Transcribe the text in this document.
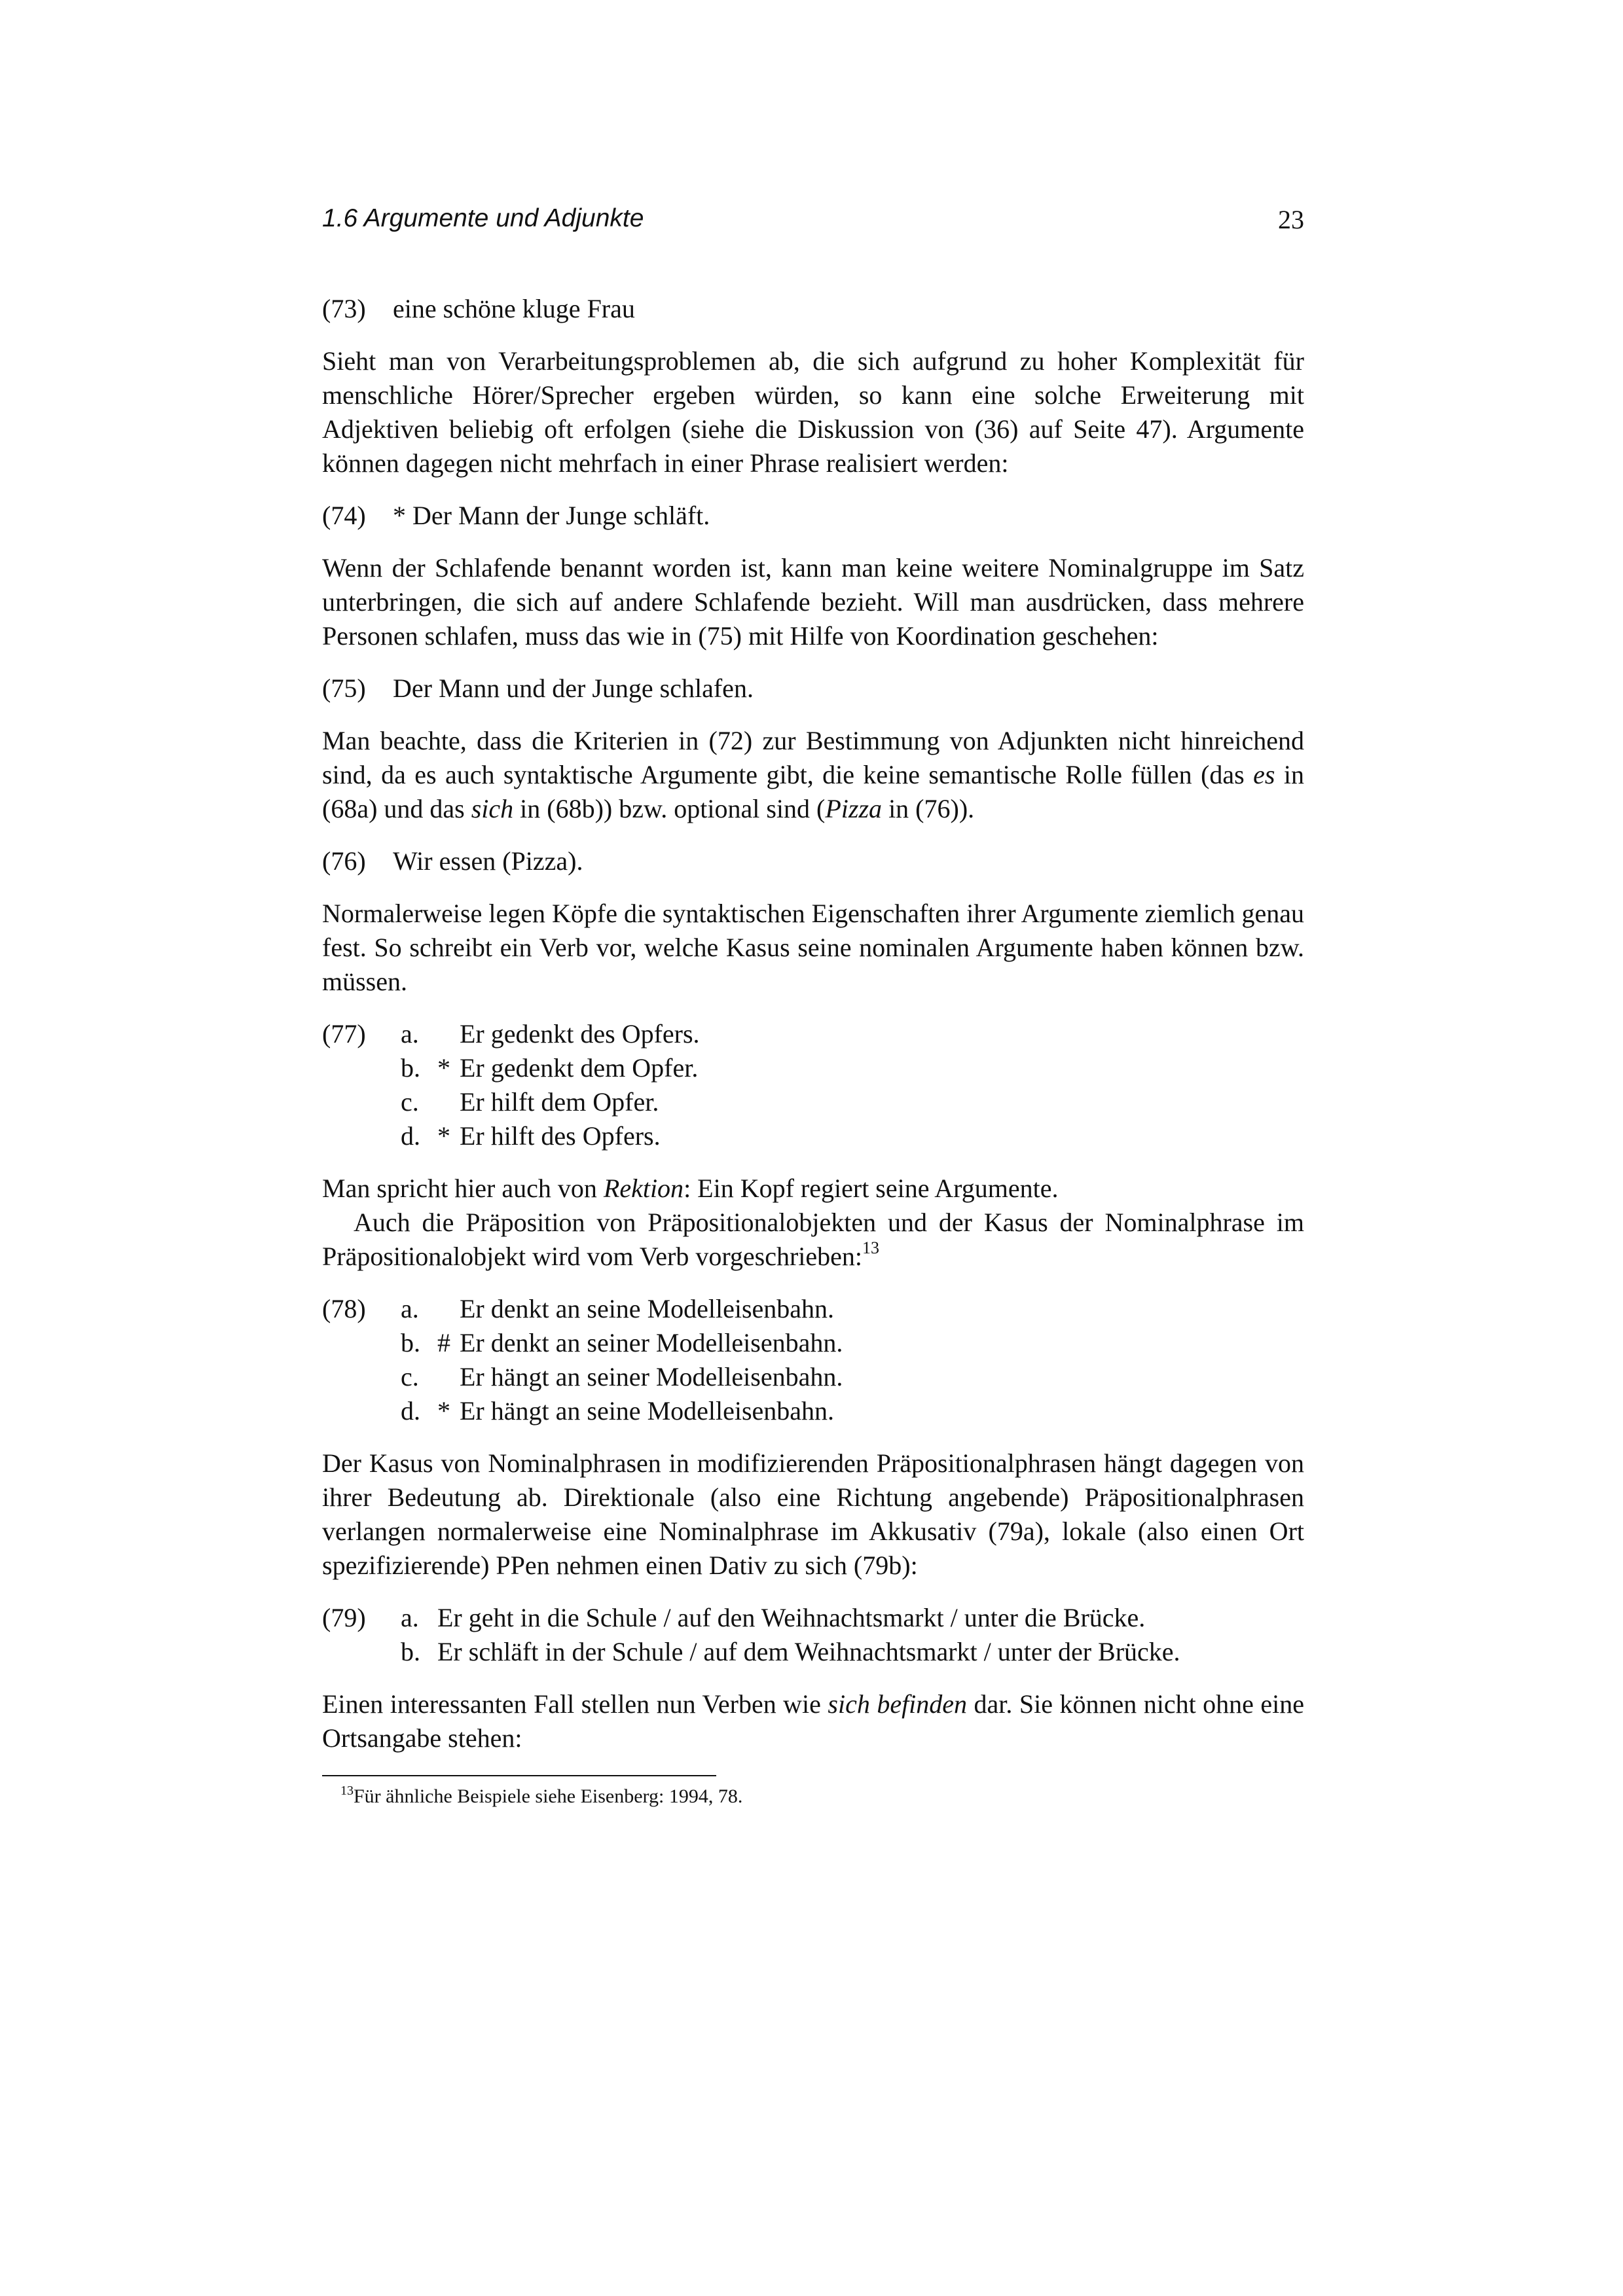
1.6 Argumente und Adjunkte	23
(73)	eine schöne kluge Frau

Sieht man von Verarbeitungsproblemen ab, die sich aufgrund zu hoher Komplexität für menschliche Hörer/Sprecher ergeben würden, so kann eine solche Erweiterung mit Adjektiven beliebig oft erfolgen (siehe die Diskussion von (36) auf Seite 47). Argumente können dagegen nicht mehrfach in einer Phrase realisiert werden:

(74)	* Der Mann der Junge schläft.

Wenn der Schlafende benannt worden ist, kann man keine weitere Nominalgruppe im Satz unterbringen, die sich auf andere Schlafende bezieht. Will man ausdrücken, dass mehrere Personen schlafen, muss das wie in (75) mit Hilfe von Koordination geschehen:

(75)	Der Mann und der Junge schlafen.

Man beachte, dass die Kriterien in (72) zur Bestimmung von Adjunkten nicht hinreichend sind, da es auch syntaktische Argumente gibt, die keine semantische Rolle füllen (das es in (68a) und das sich in (68b)) bzw. optional sind (Pizza in (76)).

(76)	Wir essen (Pizza).

Normalerweise legen Köpfe die syntaktischen Eigenschaften ihrer Argumente ziemlich genau fest. So schreibt ein Verb vor, welche Kasus seine nominalen Argumente haben können bzw. müssen.

(77)	a.	Er gedenkt des Opfers.
b. * Er gedenkt dem Opfer.
c.	Er hilft dem Opfer.
d. * Er hilft des Opfers.

Man spricht hier auch von Rektion: Ein Kopf regiert seine Argumente.

Auch die Präposition von Präpositionalobjekten und der Kasus der Nominalphrase im Präpositionalobjekt wird vom Verb vorgeschrieben:$^{13}$

(78)	a.	Er denkt an seine Modelleisenbahn.
b. # Er denkt an seiner Modelleisenbahn.
c.	Er hängt an seiner Modelleisenbahn.
d. * Er hängt an seine Modelleisenbahn.

Der Kasus von Nominalphrasen in modifizierenden Präpositionalphrasen hängt dagegen von ihrer Bedeutung ab. Direktionale (also eine Richtung angebende) Präpositionalphrasen verlangen normalerweise eine Nominalphrase im Akkusativ (79a), lokale (also einen Ort spezifizierende) PPen nehmen einen Dativ zu sich (79b):

(79)	a. Er geht in die Schule / auf den Weihnachtsmarkt / unter die Brücke.
b. Er schläft in der Schule / auf dem Weihnachtsmarkt / unter der Brücke.

Einen interessanten Fall stellen nun Verben wie sich befinden dar. Sie können nicht ohne eine Ortsangabe stehen:

$^{13}$Für ähnliche Beispiele siehe Eisenberg: 1994, 78.
